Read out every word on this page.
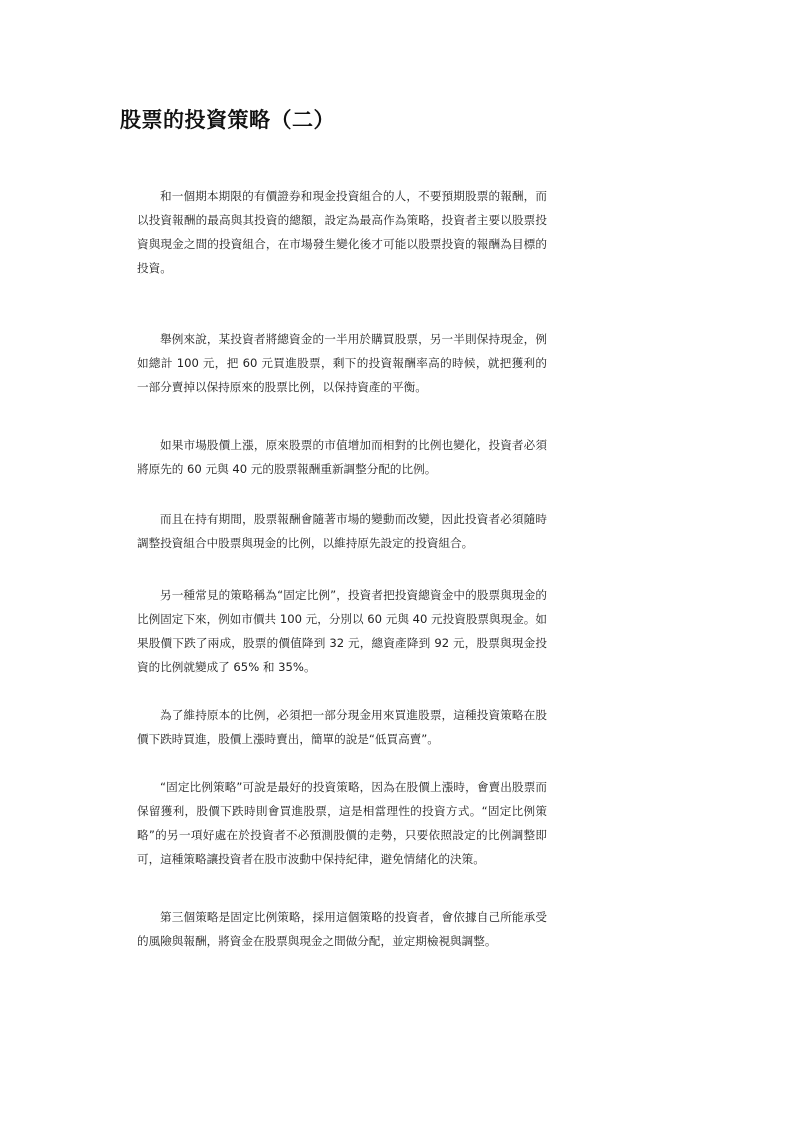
股票的投資策略（二）

和一個期本期限的有價證券和現金投資組合的人，不要預期股票的報酬，而以投資報酬的最高與其投資的總額，設定為最高作為策略，投資者主要以股票投資與現金之間的投資組合，在市場發生變化後才可能以股票投資的報酬為目標的投資。

舉例來說，某投資者將總資金的一半用於購買股票，另一半則保持現金，例如總計 100 元，把 60 元買進股票，剩下的投資報酬率高的時候，就把獲利的一部分賣掉以保持原來的股票比例，以保持資產的平衡。

如果市場股價上漲，原來股票的市值增加而相對的比例也變化，投資者必須將原先的 60 元與 40 元的股票報酬重新調整分配的比例。

而且在持有期間，股票報酬會隨著市場的變動而改變，因此投資者必須隨時調整投資組合中股票與現金的比例，以維持原先設定的投資組合。

另一種常見的策略稱為“固定比例”，投資者把投資總資金中的股票與現金的比例固定下來，例如市價共 100 元，分別以 60 元與 40 元投資股票與現金。如果股價下跌了兩成，股票的價值降到 32 元，總資產降到 92 元，股票與現金投資的比例就變成了 65% 和 35%。

為了維持原本的比例，必須把一部分現金用來買進股票，這種投資策略在股價下跌時買進，股價上漲時賣出，簡單的說是“低買高賣”。

“固定比例策略”可說是最好的投資策略，因為在股價上漲時，會賣出股票而保留獲利，股價下跌時則會買進股票，這是相當理性的投資方式。“固定比例策略”的另一項好處在於投資者不必預測股價的走勢，只要依照設定的比例調整即可，這種策略讓投資者在股市波動中保持紀律，避免情緒化的決策。

第三個策略是固定比例策略，採用這個策略的投資者，會依據自己所能承受的風險與報酬，將資金在股票與現金之間做分配，並定期檢視與調整。
